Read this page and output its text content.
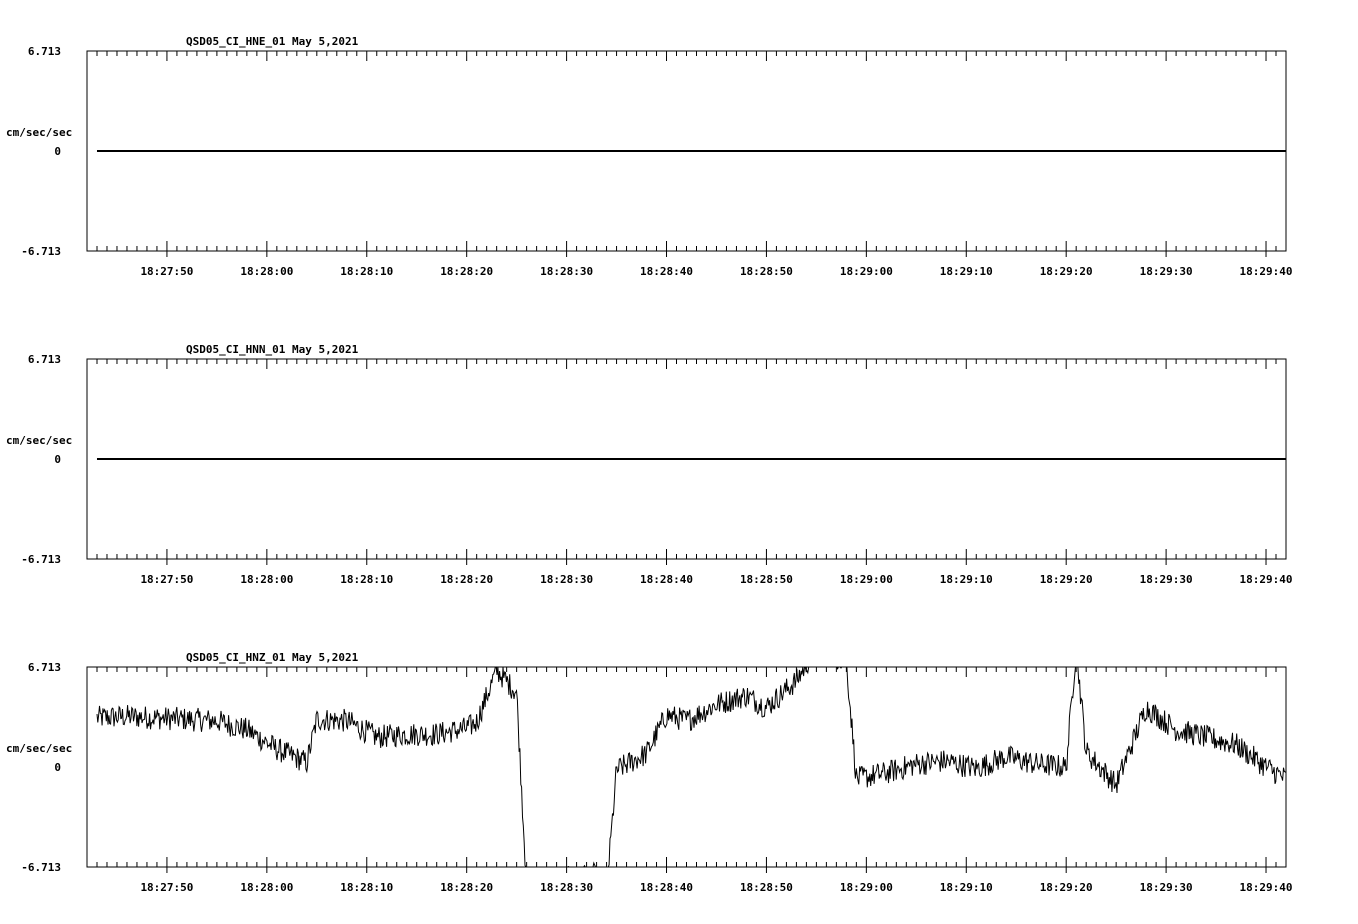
QSD05_CI_HNE_01 May 5,2021
6.713
0
-6.713
cm/sec/sec
18:27:50	18:28:00	18:28:10	18:28:20	18:28:30	18:28:40	18:28:50	18:29:00	18:29:10	18:29:20	18:29:30	18:29:40
QSD05_CI_HNN_01 May 5,2021
6.713
0
-6.713
cm/sec/sec
18:27:50	18:28:00	18:28:10	18:28:20	18:28:30	18:28:40	18:28:50	18:29:00	18:29:10	18:29:20	18:29:30	18:29:40
QSD05_CI_HNZ_01 May 5,2021
6.713
0
-6.713
cm/sec/sec
18:27:50	18:28:00	18:28:10	18:28:20	18:28:30	18:28:40	18:28:50	18:29:00	18:29:10	18:29:20	18:29:30	18:29:40
